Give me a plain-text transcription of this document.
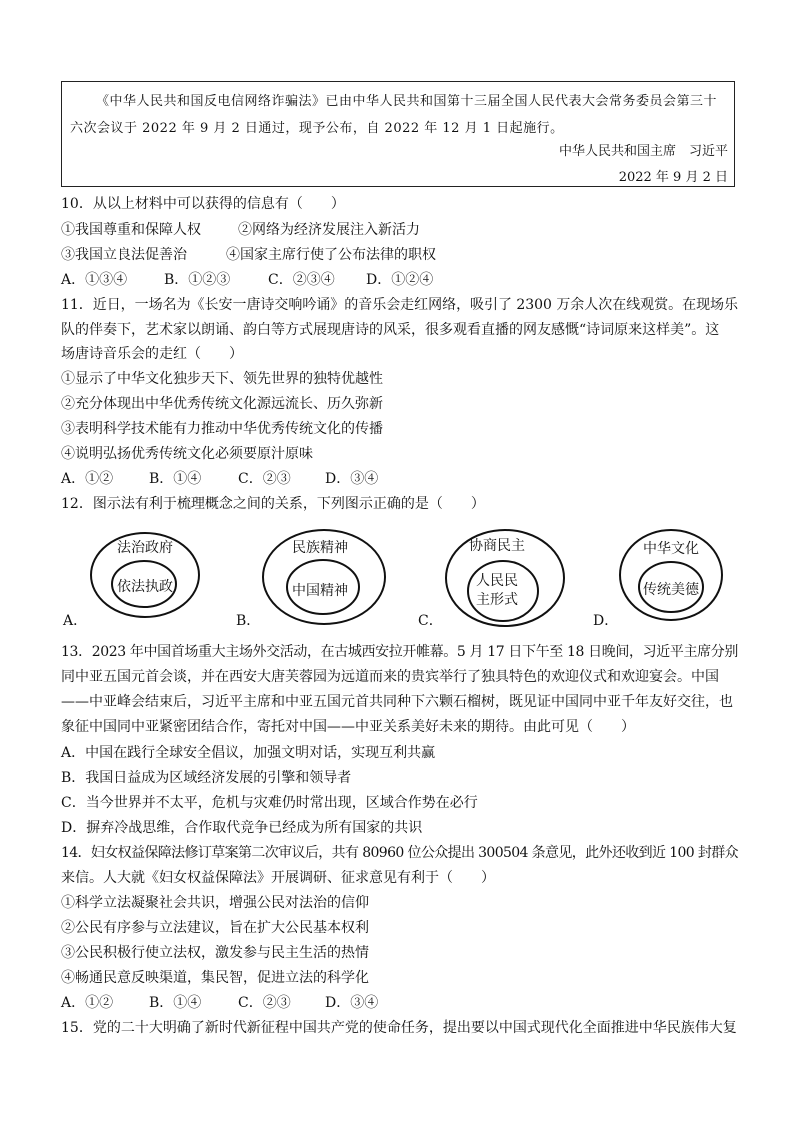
《中华人民共和国反电信网络诈骗法》已由中华人民共和国第十三届全国人民代表大会常务委员会第三十六次会议于 2022 年 9 月 2 日通过，现予公布，自 2022 年 12 月 1 日起施行。
中华人民共和国主席　习近平
2022 年 9 月 2 日
10．从以上材料中可以获得的信息有（　　）
①我国尊重和保障人权	②网络为经济发展注入新活力
③我国立良法促善治	④国家主席行使了公布法律的职权
A．①③④	B．①②③	C．②③④ D．①②④
11．近日，一场名为《长安一唐诗交响吟诵》的音乐会走红网络，吸引了 2300 万余人次在线观赏。在现场乐
队的伴奏下，艺术家以朗诵、韵白等方式展现唐诗的风采，很多观看直播的网友感慨“诗词原来这样美”。这
场唐诗音乐会的走红（　　）
①显示了中华文化独步天下、领先世界的独特优越性
②充分体现出中华优秀传统文化源远流长、历久弥新
③表明科学技术能有力推动中华优秀传统文化的传播
④说明弘扬优秀传统文化必须要原汁原味
A．①②	B．①④	C．②③ D．③④
12．图示法有利于梳理概念之间的关系，下列图示正确的是（　　）
法治政府
依法执政
A．
民族精神
中国精神
B．
协商民主
人民民
主形式
C．
中华文化
传统美德
D．
13．2023 年中国首场重大主场外交活动，在古城西安拉开帷幕。5 月 17 日下午至 18 日晚间，习近平主席分别
同中亚五国元首会谈，并在西安大唐芙蓉园为远道而来的贵宾举行了独具特色的欢迎仪式和欢迎宴会。中国
——中亚峰会结束后，习近平主席和中亚五国元首共同种下六颗石榴树，既见证中国同中亚千年友好交往，也
象征中国同中亚紧密团结合作，寄托对中国——中亚关系美好未来的期待。由此可见（　　）
A．中国在践行全球安全倡议，加强文明对话，实现互利共赢
B．我国日益成为区域经济发展的引擎和领导者
C．当今世界并不太平，危机与灾难仍时常出现，区域合作势在必行
D．摒弃冷战思维，合作取代竞争已经成为所有国家的共识
14．妇女权益保障法修订草案第二次审议后，共有 80960 位公众提出 300504 条意见，此外还收到近 100 封群众
来信。人大就《妇女权益保障法》开展调研、征求意见有利于（　　）
①科学立法凝聚社会共识，增强公民对法治的信仰
②公民有序参与立法建议，旨在扩大公民基本权利
③公民积极行使立法权，激发参与民主生活的热情
④畅通民意反映渠道，集民智，促进立法的科学化
A．①②	B．①④	C．②③ D．③④
15．党的二十大明确了新时代新征程中国共产党的使命任务，提出要以中国式现代化全面推进中华民族伟大复
